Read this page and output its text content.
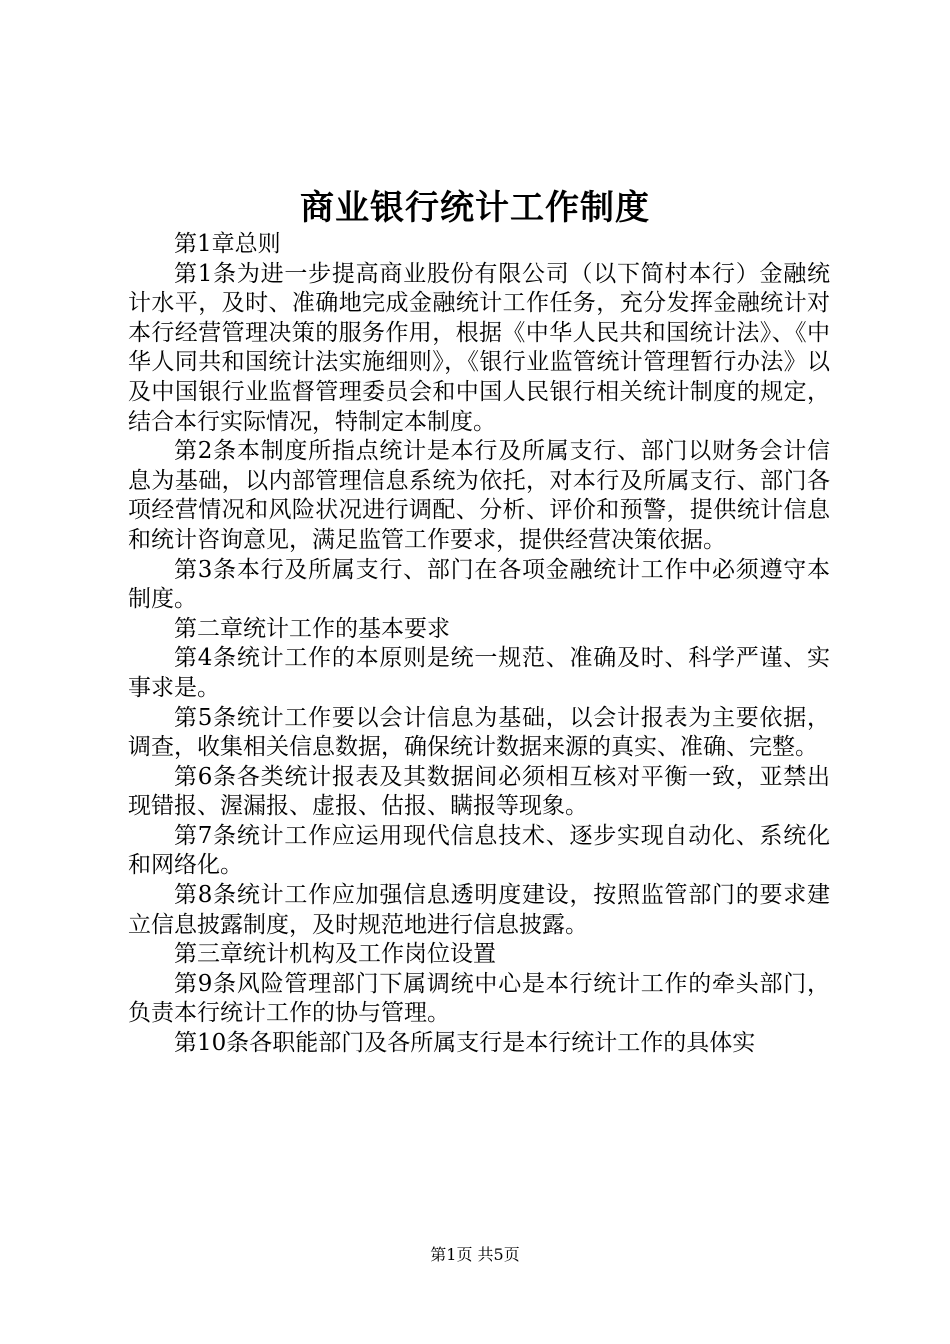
商业银行统计工作制度

第1章总则

第1条为进一步提高商业股份有限公司（以下简村本行）金融统计水平，及时、准确地完成金融统计工作任务，充分发挥金融统计对本行经营管理决策的服务作用，根据《中华人民共和国统计法》、《中华人同共和国统计法实施细则》，《银行业监管统计管理暂行办法》以及中国银行业监督管理委员会和中国人民银行相关统计制度的规定，结合本行实际情况，特制定本制度。

第2条本制度所指点统计是本行及所属支行、部门以财务会计信息为基础，以内部管理信息系统为依托，对本行及所属支行、部门各项经营情况和风险状况进行调配、分析、评价和预警，提供统计信息和统计咨询意见，满足监管工作要求，提供经营决策依据。

第3条本行及所属支行、部门在各项金融统计工作中必须遵守本制度。

第二章统计工作的基本要求

第4条统计工作的本原则是统一规范、准确及时、科学严谨、实事求是。

第5条统计工作要以会计信息为基础，以会计报表为主要依据，调查，收集相关信息数据，确保统计数据来源的真实、准确、完整。

第6条各类统计报表及其数据间必须相互核对平衡一致，亚禁出现错报、渥漏报、虚报、估报、瞒报等现象。

第7条统计工作应运用现代信息技术、逐步实现自动化、系统化和网络化。

第8条统计工作应加强信息透明度建设，按照监管部门的要求建立信息披露制度，及时规范地进行信息披露。

第三章统计机构及工作岗位设置

第9条风险管理部门下属调统中心是本行统计工作的牵头部门，负责本行统计工作的协与管理。

第10条各职能部门及各所属支行是本行统计工作的具体实

第1页 共5页
